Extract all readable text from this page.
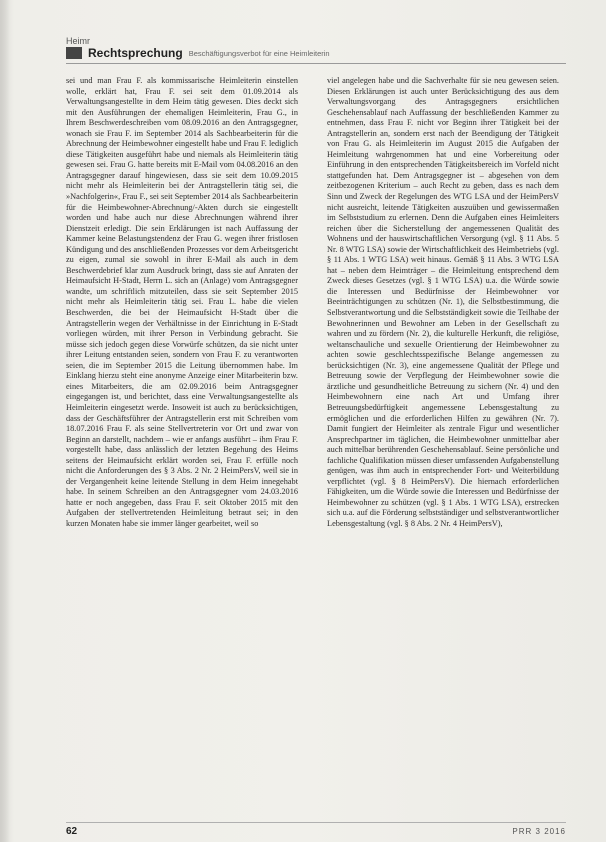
Heimr
Rechtsprechung Beschäftigungsverbot für eine Heimleiterin

sei und man Frau F. als kommissarische Heimleiterin einstellen wolle, erklärt hat, Frau F. sei seit dem 01.09.2014 als Verwaltungsangestellte in dem Heim tätig gewesen. Dies deckt sich mit den Ausführungen der ehemaligen Heimleiterin, Frau G., in Ihrem Beschwerdeschreiben vom 08.09.2016 an den Antragsgegner, wonach sie Frau F. im September 2014 als Sachbearbeiterin für die Abrechnung der Heimbewohner eingestellt habe und Frau F. lediglich diese Tätigkeiten ausgeführt habe und niemals als Heimleiterin tätig gewesen sei. Frau G. hatte bereits mit E-Mail vom 04.08.2016 an den Antragsgegner darauf hingewiesen, dass sie seit dem 10.09.2015 nicht mehr als Heimleiterin bei der Antragstellerin tätig sei, die »Nachfolgerin«, Frau F., sei seit September 2014 als Sachbearbeiterin für die Heimbewohner-Abrechnung/-Akten durch sie eingestellt worden und habe auch nur diese Abrechnungen während ihrer Dienstzeit erledigt. Die sein Erklärungen ist nach Auffassung der Kammer keine Belastungstendenz der Frau G. wegen ihrer fristlosen Kündigung und des anschließenden Prozesses vor dem Arbeitsgericht zu eigen, zumal sie sowohl in ihrer E-Mail als auch in dem Beschwerdebrief klar zum Ausdruck bringt, dass sie auf Anraten der Heimaufsicht H-Stadt, Herrn L. sich an (Anlage) vom Antragsgegner wandte, um schriftlich mitzuteilen, dass sie seit September 2015 nicht mehr als Heimleiterin tätig sei. Frau L. habe die vielen Beschwerden, die bei der Heimaufsicht H-Stadt über die Antragstellerin wegen der Verhältnisse in der Einrichtung in E-Stadt vorliegen würden, mit ihrer Person in Verbindung gebracht. Sie müsse sich jedoch gegen diese Vorwürfe schützen, da sie nicht unter ihrer Leitung entstanden seien, sondern von Frau F. zu verantworten seien, die im September 2015 die Leitung übernommen habe. Im Einklang hierzu steht eine anonyme Anzeige einer Mitarbeiterin bzw. eines Mitarbeiters, die am 02.09.2016 beim Antragsgegner eingegangen ist, und berichtet, dass eine Verwaltungsangestellte als Heimleiterin eingesetzt werde. Insoweit ist auch zu berücksichtigen, dass der Geschäftsführer der Antragstellerin erst mit Schreiben vom 18.07.2016 Frau F. als seine Stellvertreterin vor Ort und zwar von Beginn an darstellt, nachdem – wie er anfangs ausführt – ihm Frau F. vorgestellt habe, dass anlässlich der letzten Begehung des Heims seitens der Heimaufsicht erklärt worden sei, Frau F. erfülle noch nicht die Anforderungen des § 3 Abs. 2 Nr. 2 HeimPersV, weil sie in der Vergangenheit keine leitende Stellung in dem Heim innegehabt habe. In seinem Schreiben an den Antragsgegner vom 24.03.2016 hatte er noch angegeben, dass Frau F. seit Oktober 2015 mit den Aufgaben der stellvertretenden Heimleitung betraut sei; in den kurzen Monaten habe sie immer länger gearbeitet, weil so

viel angelegen habe und die Sachverhalte für sie neu gewesen seien. Diesen Erklärungen ist auch unter Berücksichtigung des aus dem Verwaltungsvorgang des Antragsgegners ersichtlichen Geschehensablauf nach Auffassung der beschließenden Kammer zu entnehmen, dass Frau F. nicht vor Beginn ihrer Tätigkeit bei der Antragstellerin an, sondern erst nach der Beendigung der Tätigkeit von Frau G. als Heimleiterin im August 2015 die Aufgaben der Heimleitung wahrgenommen hat und eine Vorbereitung oder Einführung in den entsprechenden Tätigkeitsbereich im Vorfeld nicht stattgefunden hat. Dem Antragsgegner ist – abgesehen von dem zeitbezogenen Kriterium – auch Recht zu geben, dass es nach dem Sinn und Zweck der Regelungen des WTG LSA und der HeimPersV nicht ausreicht, leitende Tätigkeiten auszuüben und gewissermaßen im Selbststudium zu erlernen. Denn die Aufgaben eines Heimleiters reichen über die Sicherstellung der angemessenen Qualität des Wohnens und der hauswirtschaftlichen Versorgung (vgl. § 11 Abs. 5 Nr. 8 WTG LSA) sowie der Wirtschaftlichkeit des Heimbetriebs (vgl. § 11 Abs. 1 WTG LSA) weit hinaus. Gemäß § 11 Abs. 3 WTG LSA hat – neben dem Heimträger – die Heimleitung entsprechend dem Zweck dieses Gesetzes (vgl. § 1 WTG LSA) u.a. die Würde sowie die Interessen und Bedürfnisse der Heimbewohner vor Beeinträchtigungen zu schützen (Nr. 1), die Selbstbestimmung, die Selbstverantwortung und die Selbstständigkeit sowie die Teilhabe der Bewohnerinnen und Bewohner am Leben in der Gesellschaft zu wahren und zu fördern (Nr. 2), die kulturelle Herkunft, die religiöse, weltanschauliche und sexuelle Orientierung der Heimbewohner zu achten sowie geschlechtsspezifische Belange angemessen zu berücksichtigen (Nr. 3), eine angemessene Qualität der Pflege und Betreuung sowie der Verpflegung der Heimbewohner sowie die ärztliche und gesundheitliche Betreuung zu sichern (Nr. 4) und den Heimbewohnern eine nach Art und Umfang ihrer Betreuungsbedürftigkeit angemessene Lebensgestaltung zu ermöglichen und die erforderlichen Hilfen zu gewähren (Nr. 7). Damit fungiert der Heimleiter als zentrale Figur und wesentlicher Ansprechpartner im täglichen, die Heimbewohner unmittelbar aber auch mittelbar berührenden Geschehensablauf. Seine persönliche und fachliche Qualifikation müssen dieser umfassenden Aufgabenstellung genügen, was ihm auch in entsprechender Fort- und Weiterbildung verpflichtet (vgl. § 8 HeimPersV). Die hiernach erforderlichen Fähigkeiten, um die Würde sowie die Interessen und Bedürfnisse der Heimbewohner zu schützen (vgl. § 1 Abs. 1 WTG LSA), erstrecken sich u.a. auf die Förderung selbstständiger und selbstverantwortlicher Lebensgestaltung (vgl. § 8 Abs. 2 Nr. 4 HeimPersV),

62	PRR 3 2016
